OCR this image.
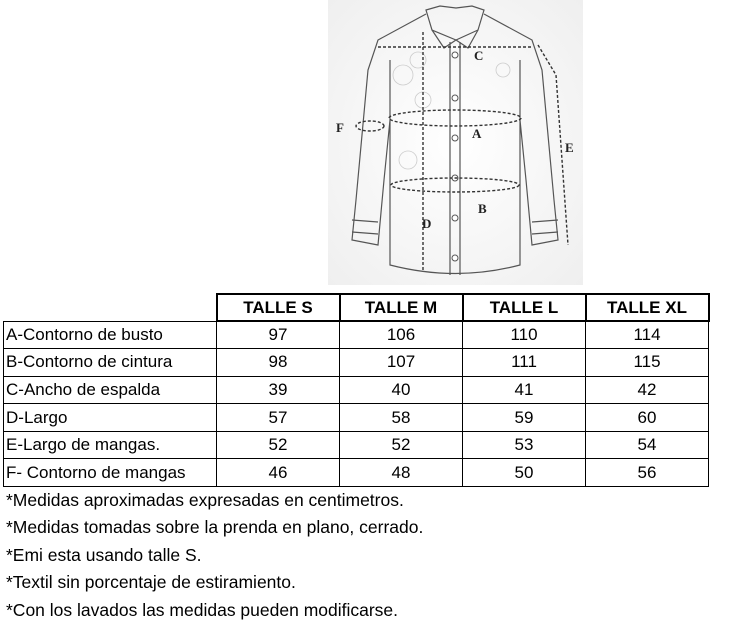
C
A
B
D
E
F
	TALLE S	TALLE M	TALLE L	TALLE XL
A-Contorno de busto	97	106	110	114
B-Contorno de cintura	98	107	111	115
C-Ancho de espalda	39	40	41	42
D-Largo	57	58	59	60
E-Largo de mangas.	52	52	53	54
F- Contorno de mangas	46	48	50	56
*Medidas aproximadas expresadas en centimetros.
*Medidas tomadas sobre la prenda en plano, cerrado.
*Emi esta usando talle S.
*Textil sin porcentaje de estiramiento.
*Con los lavados las medidas pueden modificarse.
